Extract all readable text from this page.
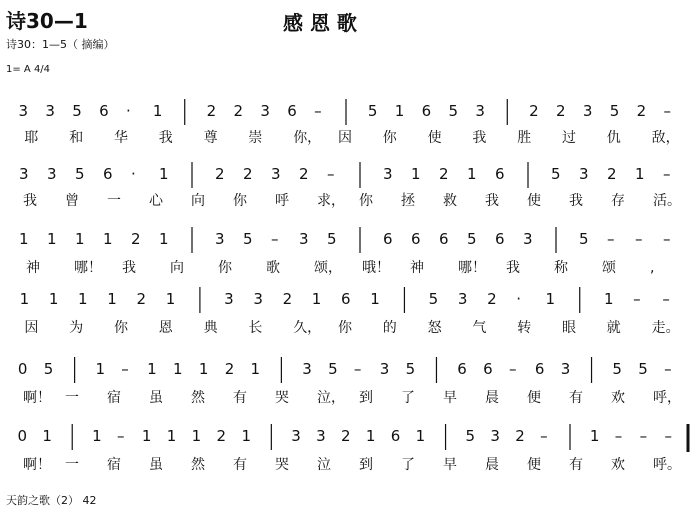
诗30—1	感 恩 歌
诗30：1—5（ 摘编）
1= A 4/4
3 3 5 6 · 1	2 2 3 6 –	5 1 6 5 3	2 2 3 5 2 –
耶 和 华 我 尊 崇 你， 因 你 使 我 胜 过 仇 敌，
3 3 5 6 · 1	2 2 3 2 –	3 1 2 1 6	5 3 2 1 –
我 曾 一 心 向 你 呼 求， 你 拯 救 我 使 我 存 活。
1 1 1 1 2 1	3 5 – 3 5	6 6 6 5 6 3	5 – – –
神 哪！ 我 向 你 歌 颂， 哦！ 神 哪！ 我 称 颂 ,
1 1 1 1 2 1	3 3 2 1 6 1	5 3 2 · 1	1 – –
因 为 你 恩 典 长 久， 你 的 怒 气 转 眼 就 走。
0 5	1 – 1 1 1 2 1	3 5 – 3 5	6 6 – 6 3	5 5 –
啊！ 一 宿 虽 然 有 哭 泣， 到 了 早 晨 便 有 欢 呼，
0 1	1 – 1 1 1 2 1	3 3 2 1 6 1	5 3 2 –	1 – – –
啊！ 一 宿 虽 然 有 哭 泣 到 了 早 晨 便 有 欢 呼。
天韵之歌（2） 42
